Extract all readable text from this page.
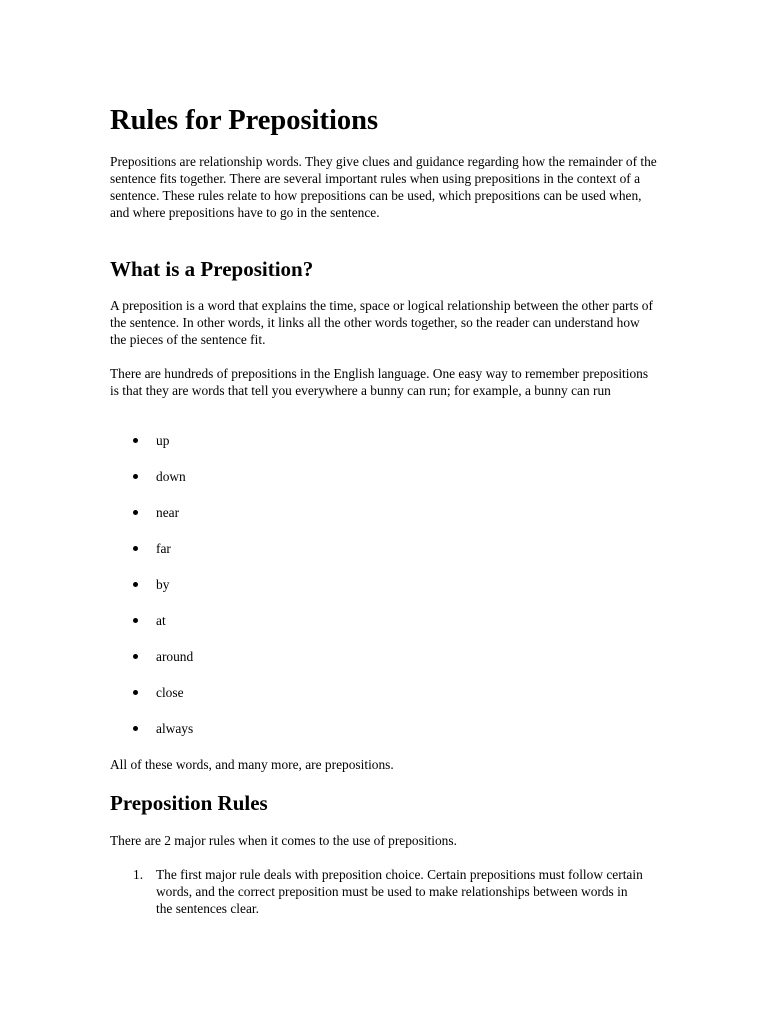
Rules for Prepositions

Prepositions are relationship words. They give clues and guidance regarding how the remainder of the sentence fits together. There are several important rules when using prepositions in the context of a sentence. These rules relate to how prepositions can be used, which prepositions can be used when, and where prepositions have to go in the sentence.

What is a Preposition?

A preposition is a word that explains the time, space or logical relationship between the other parts of the sentence. In other words, it links all the other words together, so the reader can understand how the pieces of the sentence fit.

There are hundreds of prepositions in the English language. One easy way to remember prepositions is that they are words that tell you everywhere a bunny can run; for example, a bunny can run

up
down
near
far
by
at
around
close
always

All of these words, and many more, are prepositions.

Preposition Rules

There are 2 major rules when it comes to the use of prepositions.

1. The first major rule deals with preposition choice. Certain prepositions must follow certain words, and the correct preposition must be used to make relationships between words in the sentences clear.
